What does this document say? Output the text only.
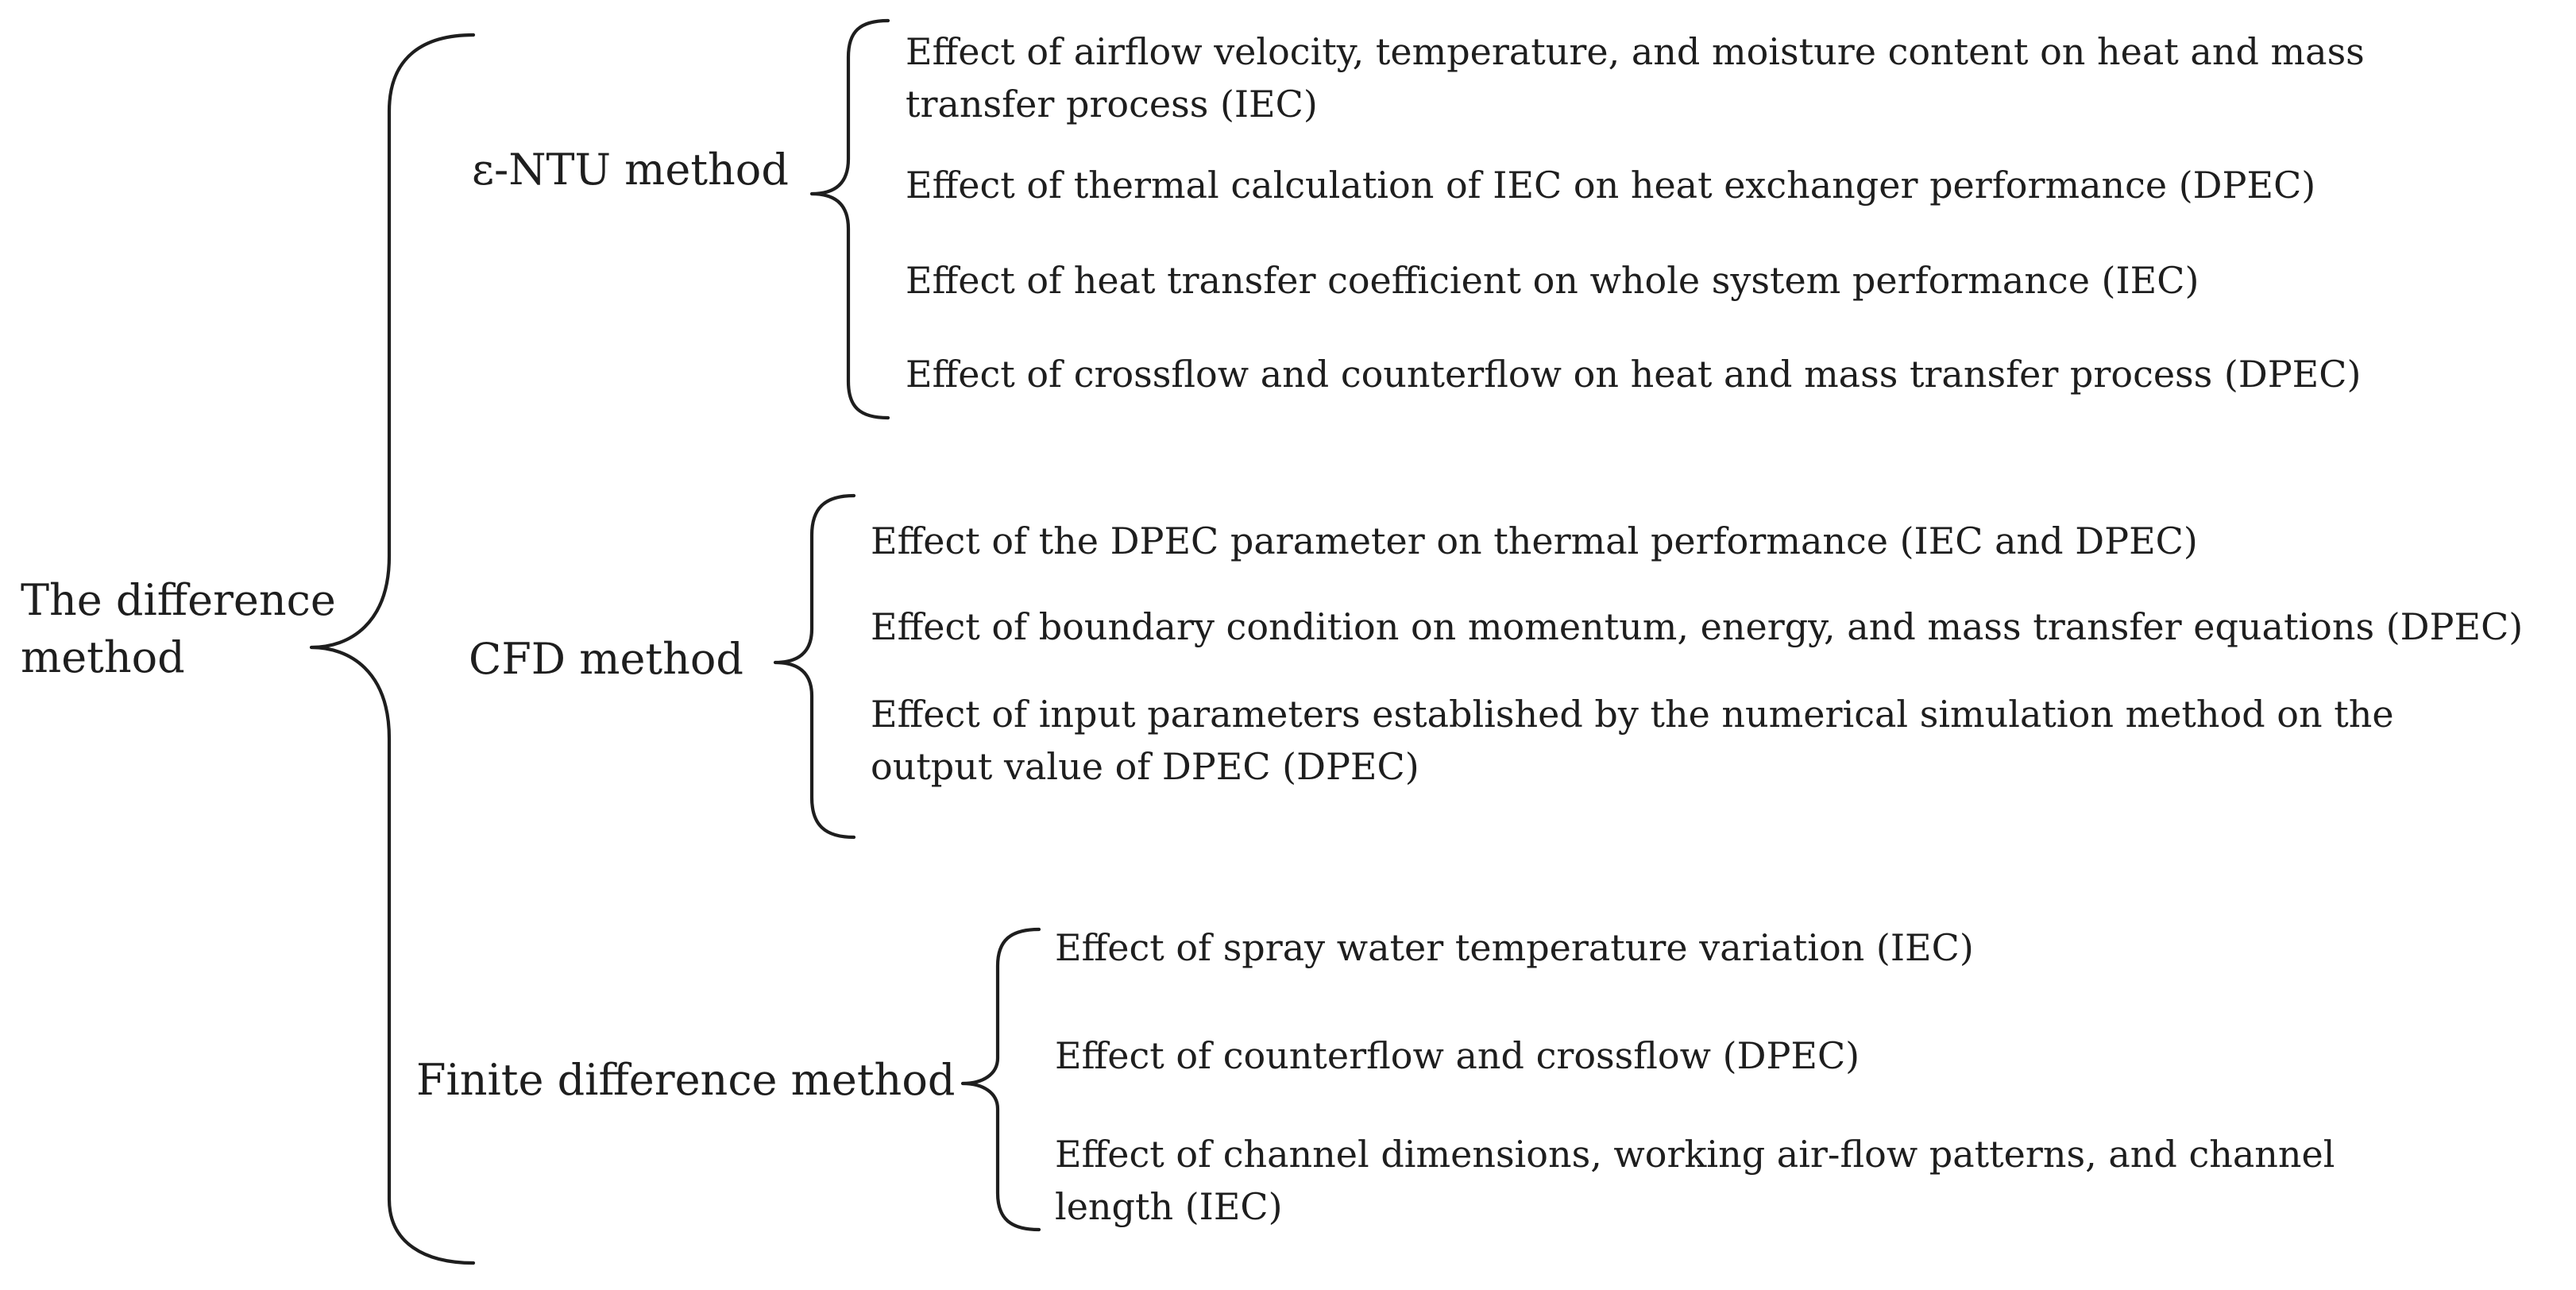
The difference
method
ε-NTU method
CFD method
Finite difference method
Effect of airflow velocity, temperature, and moisture content on heat and mass
transfer process (IEC)
Effect of thermal calculation of IEC on heat exchanger performance (DPEC)
Effect of heat transfer coefficient on whole system performance (IEC)
Effect of crossflow and counterflow on heat and mass transfer process (DPEC)
Effect of the DPEC parameter on thermal performance (IEC and DPEC)
Effect of boundary condition on momentum, energy, and mass transfer equations (DPEC)
Effect of input parameters established by the numerical simulation method on the
output value of DPEC (DPEC)
Effect of spray water temperature variation (IEC)
Effect of counterflow and crossflow (DPEC)
Effect of channel dimensions, working air-flow patterns, and channel
length (IEC)
